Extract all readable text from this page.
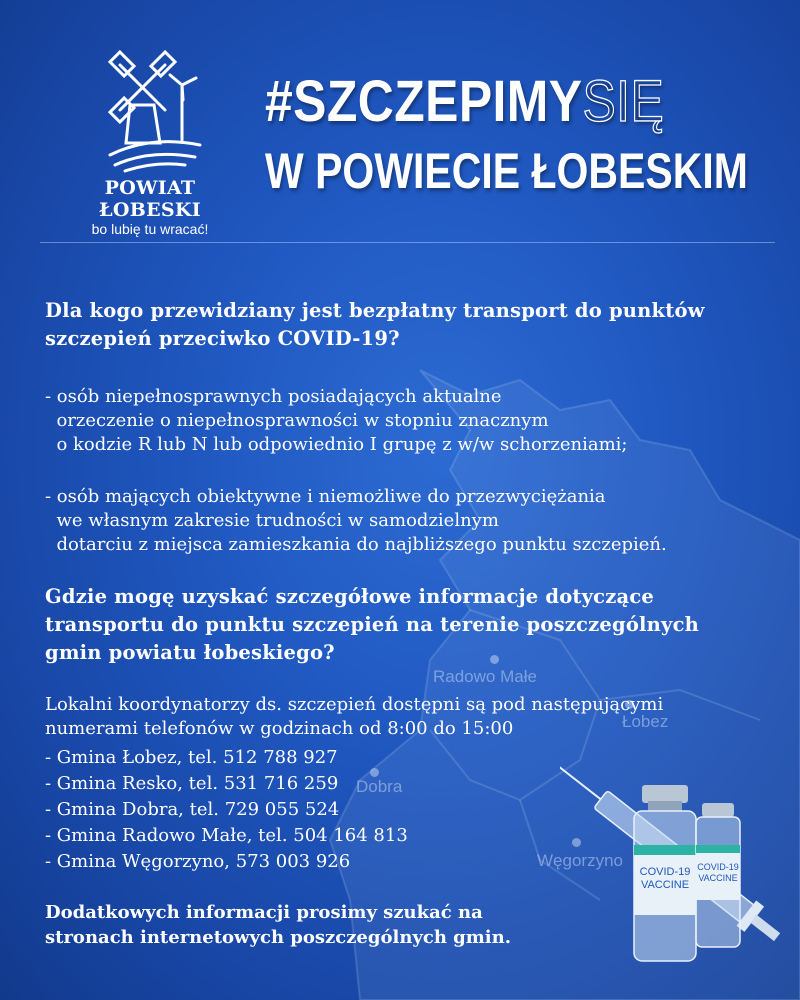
Radowo Małe
Łobez
Dobra
Węgorzyno
POWIAT ŁOBESKI
bo lubię tu wracać!
#SZCZEPIMYSIĘ
W POWIECIE ŁOBESKIM
Dla kogo przewidziany jest bezpłatny transport do punktów szczepień przeciwko COVID-19?
- osób niepełnosprawnych posiadających aktualne
orzeczenie o niepełnosprawności w stopniu znacznym
o kodzie R lub N lub odpowiednio I grupę z w/w schorzeniami;
- osób mających obiektywne i niemożliwe do przezwyciężania
we własnym zakresie trudności w samodzielnym
dotarciu z miejsca zamieszkania do najbliższego punktu szczepień.
Gdzie mogę uzyskać szczegółowe informacje dotyczące transportu do punktu szczepień na terenie poszczególnych gmin powiatu łobeskiego?
Lokalni koordynatorzy ds. szczepień dostępni są pod następującymi
numerami telefonów w godzinach od 8:00 do 15:00
- Gmina Łobez, tel. 512 788 927
- Gmina Resko, tel. 531 716 259
- Gmina Dobra, tel. 729 055 524
- Gmina Radowo Małe, tel. 504 164 813
- Gmina Węgorzyno, 573 003 926
Dodatkowych informacji prosimy szukać na
stronach internetowych poszczególnych gmin.
COVID-19
VACCINE
COVID-19
VACCINE
